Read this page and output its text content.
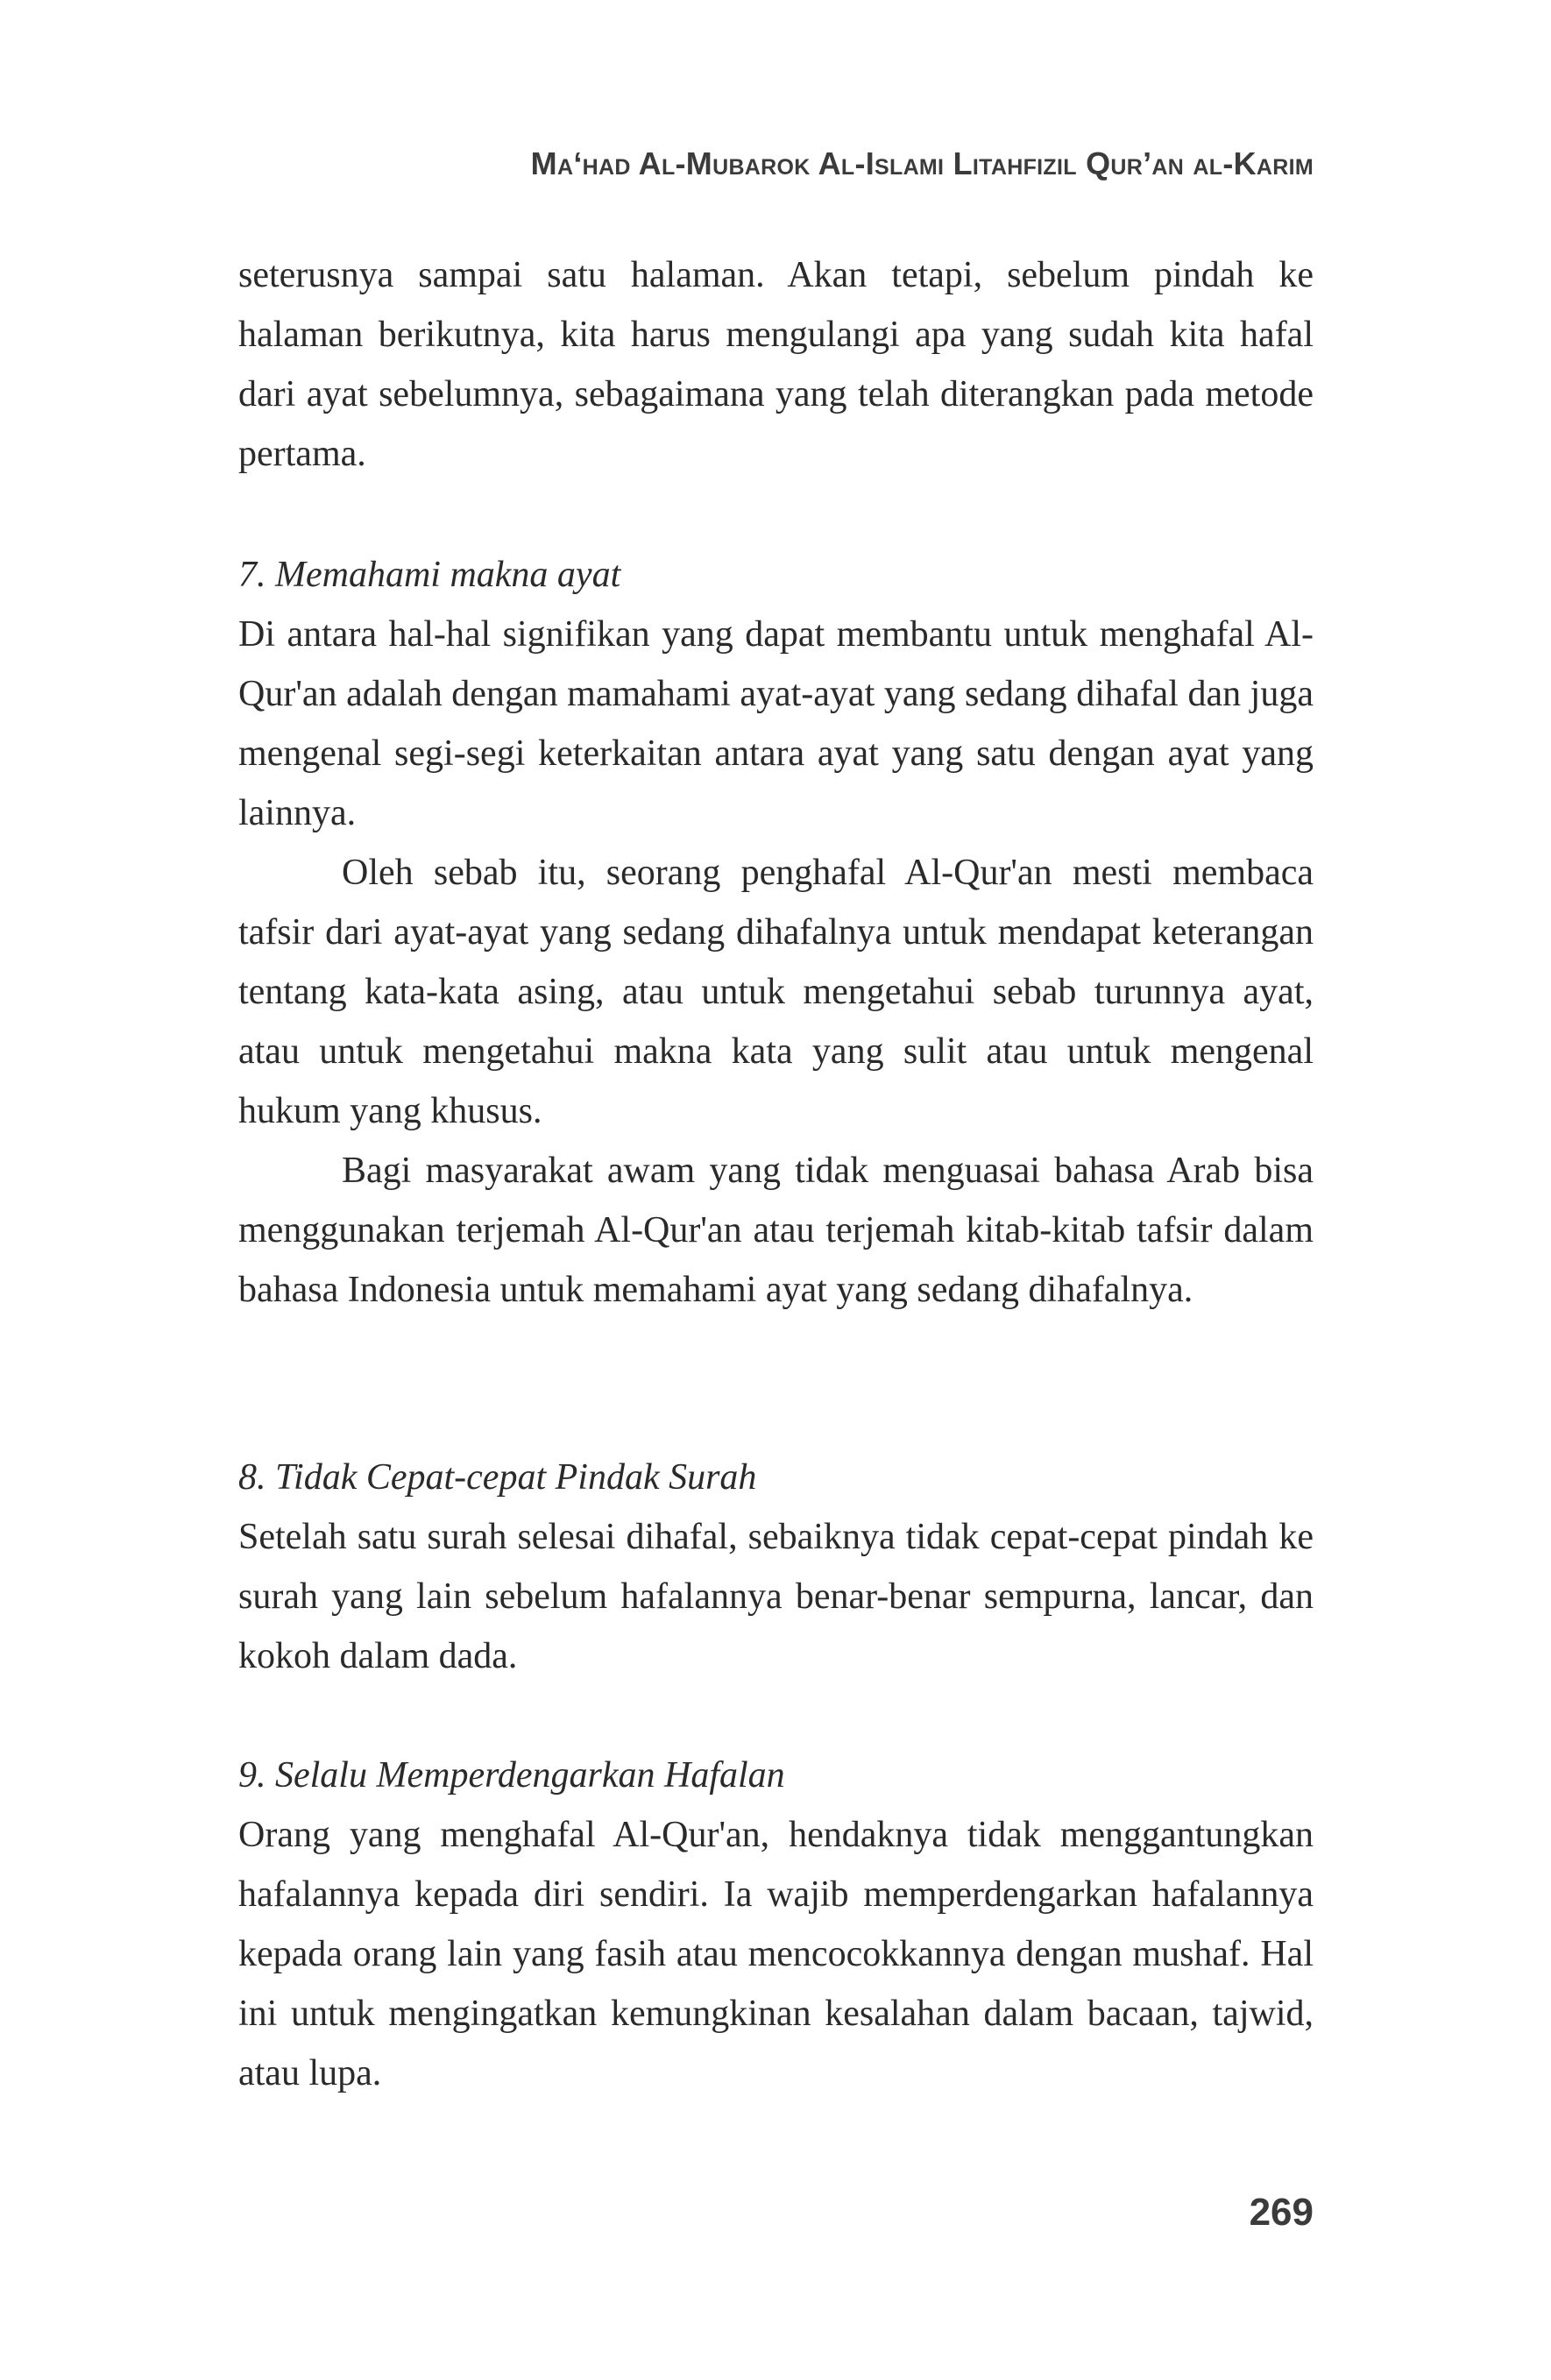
Ma‘had Al-Mubarok Al-Islami Litahfizil Qur’an al-Karim

seterusnya sampai satu halaman. Akan tetapi, sebelum pindah ke halaman berikutnya, kita harus mengulangi apa yang sudah kita hafal dari ayat sebelumnya, sebagaimana yang telah diterangkan pada metode pertama.

7. Memahami makna ayat

Di antara hal-hal signifikan yang dapat membantu untuk menghafal Al-Qur'an adalah dengan mamahami ayat-ayat yang sedang dihafal dan juga mengenal segi-segi keterkaitan antara ayat yang satu dengan ayat yang lainnya.

Oleh sebab itu, seorang penghafal Al-Qur'an mesti membaca tafsir dari ayat-ayat yang sedang dihafalnya untuk mendapat keterangan tentang kata-kata asing, atau untuk mengetahui sebab turunnya ayat, atau untuk mengetahui makna kata yang sulit atau untuk mengenal hukum yang khusus.

Bagi masyarakat awam yang tidak menguasai bahasa Arab bisa menggunakan terjemah Al-Qur'an atau terjemah kitab-kitab tafsir dalam bahasa Indonesia untuk memahami ayat yang sedang dihafalnya.

8. Tidak Cepat-cepat Pindak Surah

Setelah satu surah selesai dihafal, sebaiknya tidak cepat-cepat pindah ke surah yang lain sebelum hafalannya benar-benar sempurna, lancar, dan kokoh dalam dada.

9. Selalu Memperdengarkan Hafalan

Orang yang menghafal Al-Qur'an, hendaknya tidak menggantungkan hafalannya kepada diri sendiri. Ia wajib memperdengarkan hafalannya kepada orang lain yang fasih atau mencocokkannya dengan mushaf. Hal ini untuk mengingatkan kemungkinan kesalahan dalam bacaan, tajwid, atau lupa.

269
